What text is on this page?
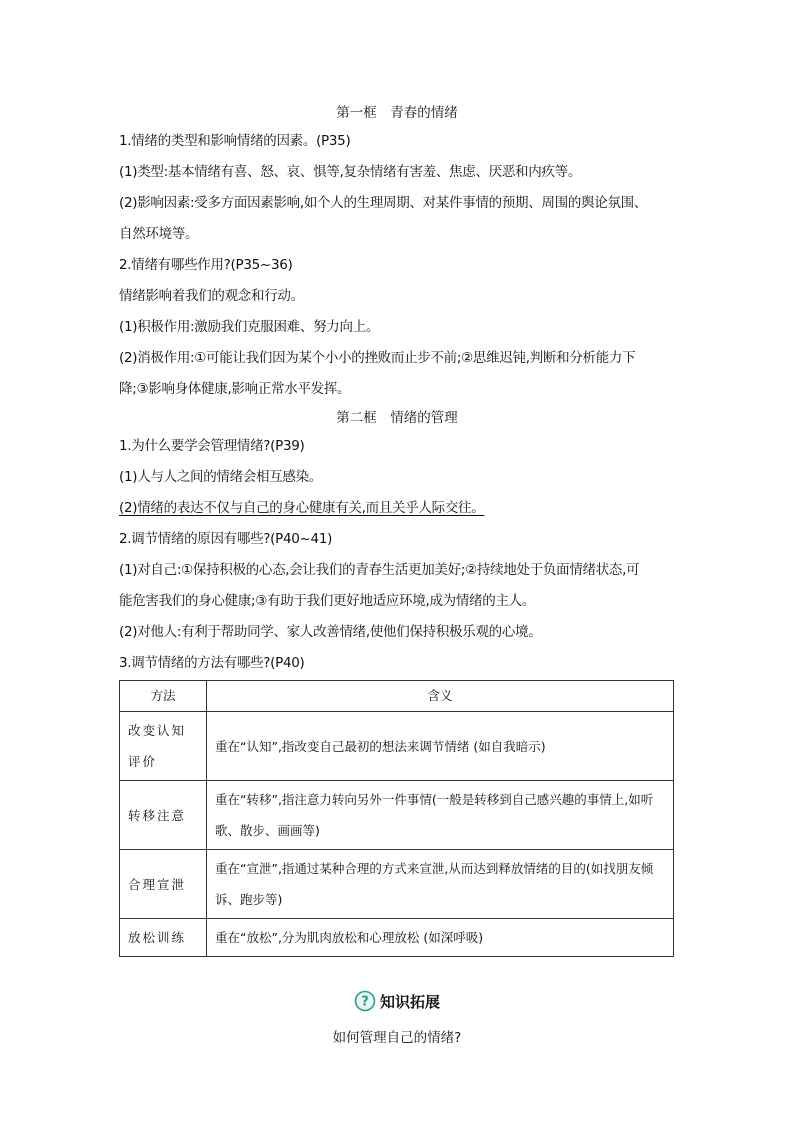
第一框　青春的情绪

1.情绪的类型和影响情绪的因素。(P35)

(1)类型:基本情绪有喜、怒、哀、惧等,复杂情绪有害羞、焦虑、厌恶和内疚等。

(2)影响因素:受多方面因素影响,如个人的生理周期、对某件事情的预期、周围的舆论氛围、

自然环境等。

2.情绪有哪些作用?(P35~36)

情绪影响着我们的观念和行动。

(1)积极作用:激励我们克服困难、努力向上。

(2)消极作用:①可能让我们因为某个小小的挫败而止步不前;②思维迟钝,判断和分析能力下

降;③影响身体健康,影响正常水平发挥。

第二框　情绪的管理

1.为什么要学会管理情绪?(P39)

(1)人与人之间的情绪会相互感染。

(2)情绪的表达不仅与自己的身心健康有关,而且关乎人际交往。

2.调节情绪的原因有哪些?(P40~41)

(1)对自己:①保持积极的心态,会让我们的青春生活更加美好;②持续地处于负面情绪状态,可

能危害我们的身心健康;③有助于我们更好地适应环境,成为情绪的主人。

(2)对他人:有利于帮助同学、家人改善情绪,使他们保持积极乐观的心境。

3.调节情绪的方法有哪些?(P40)

方法	含义
改变认知评价	重在“认知”,指改变自己最初的想法来调节情绪 (如自我暗示)
转移注意	重在“转移”,指注意力转向另外一件事情(一般是转移到自己感兴趣的事情上,如听歌、散步、画画等)
合理宣泄	重在“宣泄”,指通过某种合理的方式来宣泄,从而达到释放情绪的目的(如找朋友倾诉、跑步等)
放松训练	重在“放松”,分为肌肉放松和心理放松 (如深呼吸)
? 知识拓展
如何管理自己的情绪?
